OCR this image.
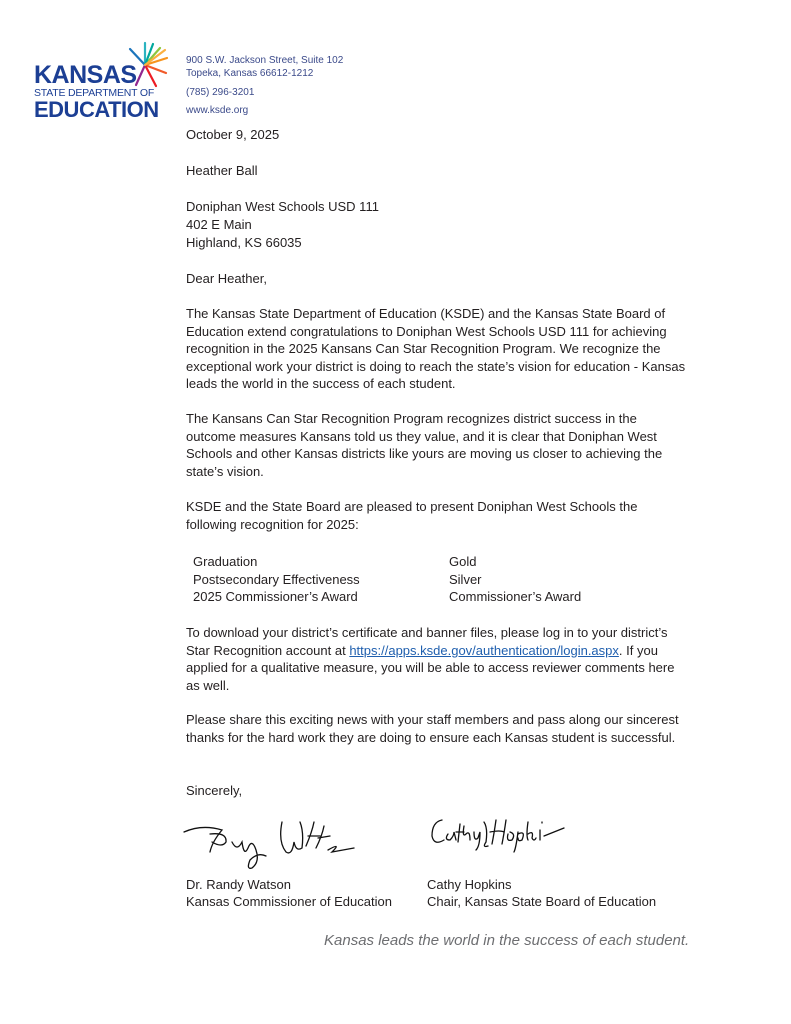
KANSAS
STATE DEPARTMENT OF
EDUCATION
900 S.W. Jackson Street, Suite 102
Topeka, Kansas 66612-1212
(785) 296-3201
www.ksde.org
October 9, 2025
Heather Ball
Doniphan West Schools USD 111
402 E Main
Highland, KS 66035
Dear Heather,
The Kansas State Department of Education (KSDE) and the Kansas State Board of Education extend congratulations to Doniphan West Schools USD 111 for achieving recognition in the 2025 Kansans Can Star Recognition Program. We recognize the exceptional work your district is doing to reach the state’s vision for education - Kansas leads the world in the success of each student.
The Kansans Can Star Recognition Program recognizes district success in the outcome measures Kansans told us they value, and it is clear that Doniphan West Schools and other Kansas districts like yours are moving us closer to achieving the state’s vision.
KSDE and the State Board are pleased to present Doniphan West Schools the following recognition for 2025:
Graduation	Gold
Postsecondary Effectiveness	Silver
2025 Commissioner’s Award	Commissioner’s Award
To download your district’s certificate and banner files, please log in to your district’s Star Recognition account at https://apps.ksde.gov/authentication/login.aspx. If you applied for a qualitative measure, you will be able to access reviewer comments here as well.
Please share this exciting news with your staff members and pass along our sincerest thanks for the hard work they are doing to ensure each Kansas student is successful.
Sincerely,
Dr. Randy Watson
Kansas Commissioner of Education
Cathy Hopkins
Chair, Kansas State Board of Education
Kansas leads the world in the success of each student.
